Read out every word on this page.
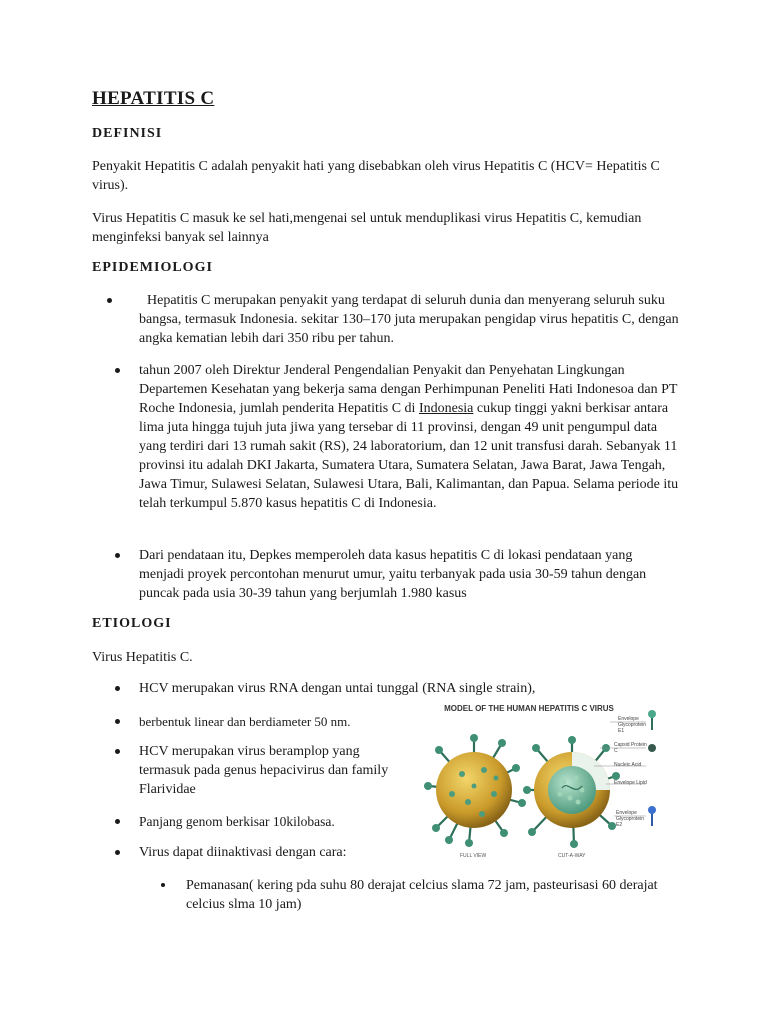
HEPATITIS C
DEFINISI
Penyakit Hepatitis C adalah penyakit hati yang disebabkan oleh virus Hepatitis C (HCV= Hepatitis C virus).
Virus Hepatitis C masuk ke sel hati,mengenai sel untuk menduplikasi virus Hepatitis C, kemudian menginfeksi banyak sel lainnya
EPIDEMIOLOGI
Hepatitis C merupakan penyakit yang terdapat di seluruh dunia dan menyerang seluruh suku bangsa, termasuk Indonesia. sekitar 130–170 juta merupakan pengidap virus hepatitis C, dengan angka kematian lebih dari 350 ribu per tahun.
tahun 2007 oleh Direktur Jenderal Pengendalian Penyakit dan Penyehatan Lingkungan Departemen Kesehatan yang bekerja sama dengan Perhimpunan Peneliti Hati Indonesoa dan PT Roche Indonesia, jumlah penderita Hepatitis C di Indonesia cukup tinggi yakni berkisar antara lima juta hingga tujuh juta jiwa yang tersebar di 11 provinsi, dengan 49 unit pengumpul data yang terdiri dari 13 rumah sakit (RS), 24 laboratorium, dan 12 unit transfusi darah. Sebanyak 11 provinsi itu adalah DKI Jakarta, Sumatera Utara, Sumatera Selatan, Jawa Barat, Jawa Tengah, Jawa Timur, Sulawesi Selatan, Sulawesi Utara, Bali, Kalimantan, dan Papua. Selama periode itu telah terkumpul 5.870 kasus hepatitis C di Indonesia.
Dari pendataan itu, Depkes memperoleh data kasus hepatitis C di lokasi pendataan yang menjadi proyek percontohan menurut umur, yaitu terbanyak pada usia 30-59 tahun dengan puncak pada usia 30-39 tahun yang berjumlah 1.980 kasus
ETIOLOGI
Virus Hepatitis C.
HCV merupakan virus RNA dengan untai tunggal (RNA single strain),
berbentuk linear dan berdiameter 50 nm.
HCV merupakan virus beramplop yang termasuk pada genus hepacivirus dan family Flarividae
Panjang genom berkisar 10kilobasa.
Virus dapat diinaktivasi dengan cara:
Pemanasan( kering pda suhu 80 derajat celcius slama 72 jam, pasteurisasi 60 derajat celcius slma 10 jam)
MODEL OF THE HUMAN HEPATITIS C VIRUS
Envelope Glycoprotein E1
Capsid Protein C
Nucleic Acid
Envelope Lipid
Envelope Glycoprotein E2
FULL VIEW	CUT-A-WAY
